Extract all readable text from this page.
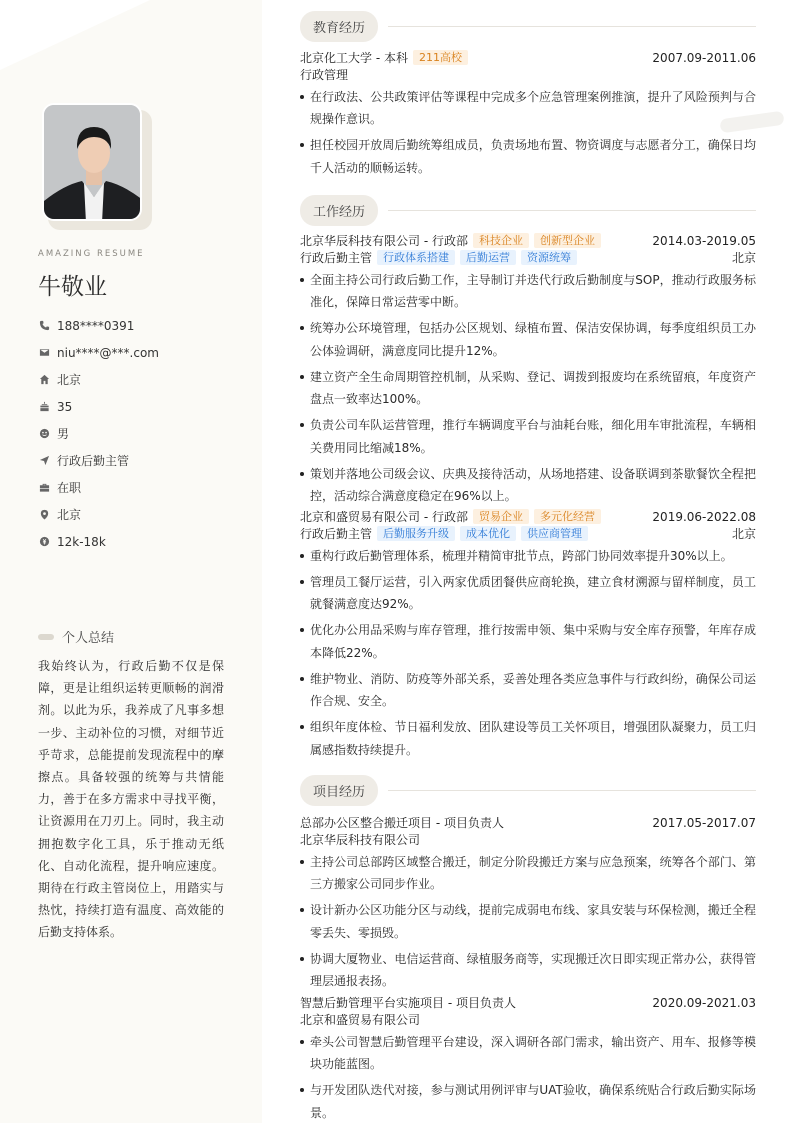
AMAZING RESUME
牛敬业
188****0391
niu****@***.com
北京
35
男
行政后勤主管
在职
北京
12k-18k
个人总结

我始终认为，行政后勤不仅是保障，更是让组织运转更顺畅的润滑剂。以此为乐，我养成了凡事多想一步、主动补位的习惯，对细节近乎苛求，总能提前发现流程中的摩擦点。具备较强的统筹与共情能力，善于在多方需求中寻找平衡，让资源用在刀刃上。同时，我主动拥抱数字化工具，乐于推动无纸化、自动化流程，提升响应速度。期待在行政主管岗位上，用踏实与热忱，持续打造有温度、高效能的后勤支持体系。

教育经历
北京化工大学 - 本科	211高校	2007.09-2011.06
行政管理
在行政法、公共政策评估等课程中完成多个应急管理案例推演，提升了风险预判与合规操作意识。
担任校园开放周后勤统筹组成员，负责场地布置、物资调度与志愿者分工，确保日均千人活动的顺畅运转。
工作经历
北京华辰科技有限公司 - 行政部	科技企业	创新型企业	2014.03-2019.05
行政后勤主管	行政体系搭建	后勤运营	资源统筹	北京
全面主持公司行政后勤工作，主导制订并迭代行政后勤制度与SOP，推动行政服务标准化，保障日常运营零中断。
统筹办公环境管理，包括办公区规划、绿植布置、保洁安保协调，每季度组织员工办公体验调研，满意度同比提升12%。
建立资产全生命周期管控机制，从采购、登记、调拨到报废均在系统留痕，年度资产盘点一致率达100%。
负责公司车队运营管理，推行车辆调度平台与油耗台账，细化用车审批流程，车辆相关费用同比缩减18%。
策划并落地公司级会议、庆典及接待活动，从场地搭建、设备联调到茶歇餐饮全程把控，活动综合满意度稳定在96%以上。
北京和盛贸易有限公司 - 行政部	贸易企业	多元化经营	2019.06-2022.08
行政后勤主管	后勤服务升级	成本优化	供应商管理	北京
重构行政后勤管理体系，梳理并精简审批节点，跨部门协同效率提升30%以上。
管理员工餐厅运营，引入两家优质团餐供应商轮换，建立食材溯源与留样制度，员工就餐满意度达92%。
优化办公用品采购与库存管理，推行按需申领、集中采购与安全库存预警，年库存成本降低22%。
维护物业、消防、防疫等外部关系，妥善处理各类应急事件与行政纠纷，确保公司运作合规、安全。
组织年度体检、节日福利发放、团队建设等员工关怀项目，增强团队凝聚力，员工归属感指数持续提升。
项目经历
总部办公区整合搬迁项目 - 项目负责人	2017.05-2017.07
北京华辰科技有限公司
主持公司总部跨区域整合搬迁，制定分阶段搬迁方案与应急预案，统筹各个部门、第三方搬家公司同步作业。
设计新办公区功能分区与动线，提前完成弱电布线、家具安装与环保检测，搬迁全程零丢失、零损毁。
协调大厦物业、电信运营商、绿植服务商等，实现搬迁次日即实现正常办公，获得管理层通报表扬。
智慧后勤管理平台实施项目 - 项目负责人	2020.09-2021.03
北京和盛贸易有限公司
牵头公司智慧后勤管理平台建设，深入调研各部门需求，输出资产、用车、报修等模块功能蓝图。
与开发团队迭代对接，参与测试用例评审与UAT验收，确保系统贴合行政后勤实际场景。
